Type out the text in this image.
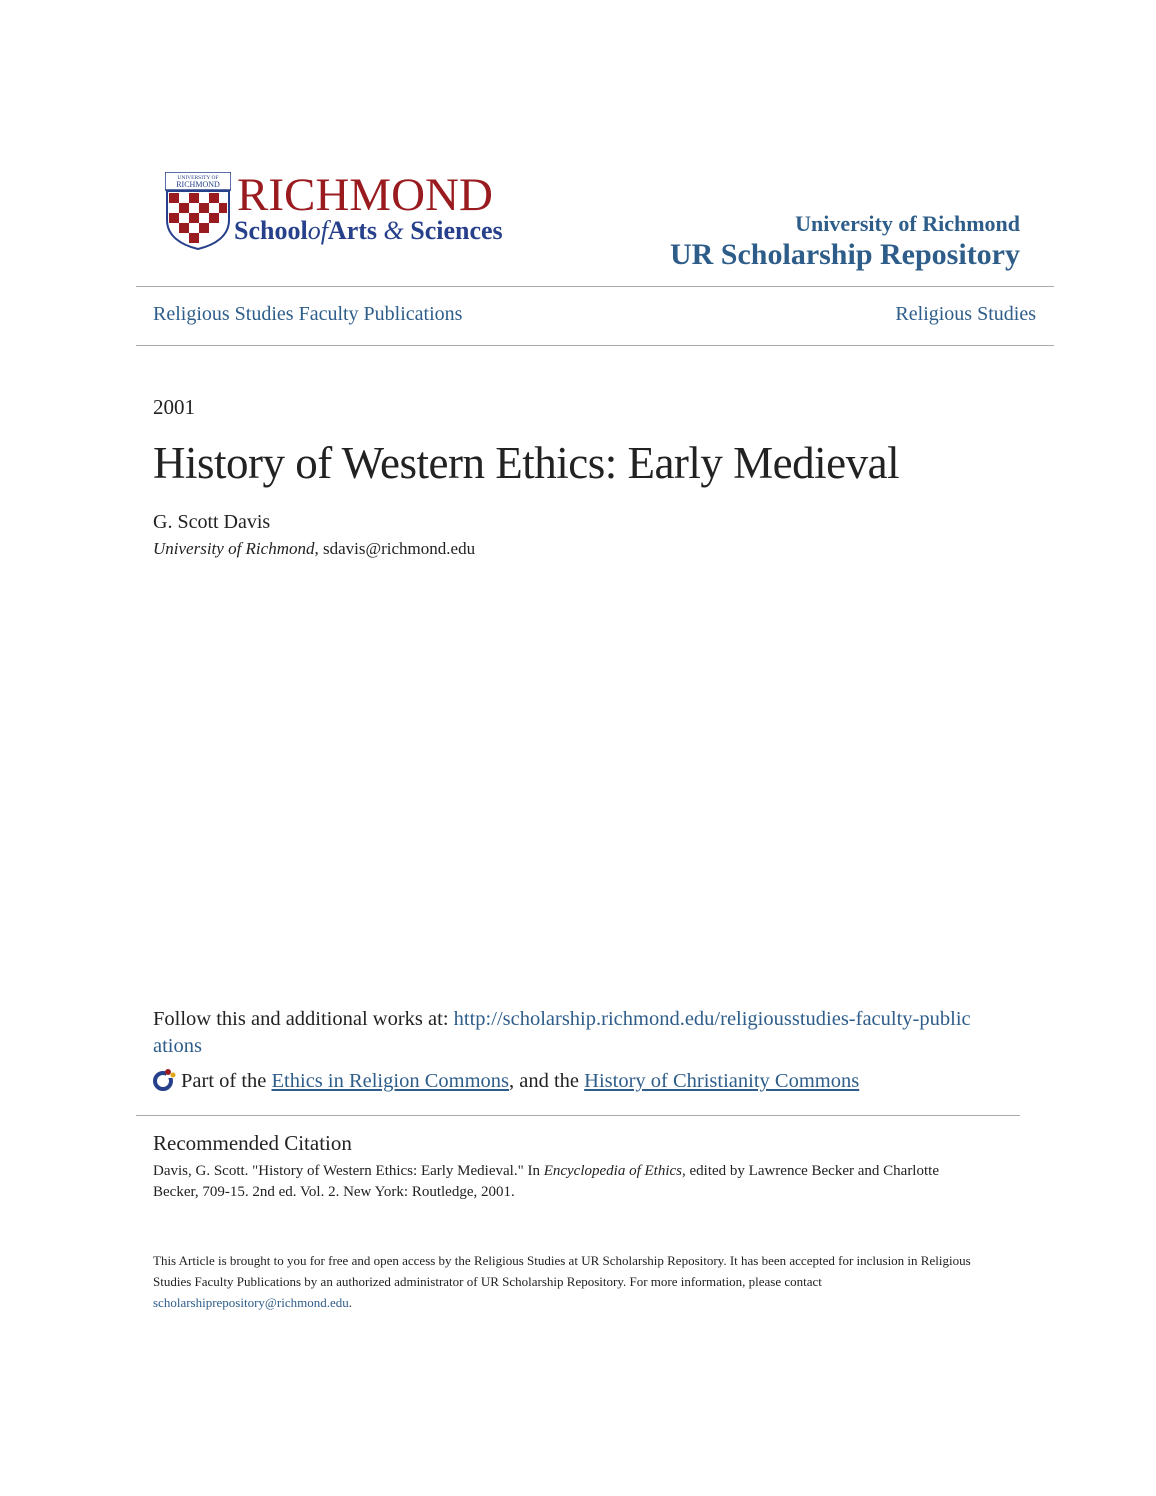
UNIVERSITY OF
RICHMOND RICHMOND
SchoolofArts & Sciences	University of Richmond
UR Scholarship Repository
Religious Studies Faculty Publications	Religious Studies
2001
History of Western Ethics: Early Medieval
G. Scott Davis
University of Richmond, sdavis@richmond.edu
Follow this and additional works at: http://scholarship.richmond.edu/religiousstudies-faculty-publications
Part of the Ethics in Religion Commons, and the History of Christianity Commons
Recommended Citation
Davis, G. Scott. "History of Western Ethics: Early Medieval." In Encyclopedia of Ethics, edited by Lawrence Becker and Charlotte Becker, 709-15. 2nd ed. Vol. 2. New York: Routledge, 2001.
This Article is brought to you for free and open access by the Religious Studies at UR Scholarship Repository. It has been accepted for inclusion in Religious Studies Faculty Publications by an authorized administrator of UR Scholarship Repository. For more information, please contact scholarshiprepository@richmond.edu.
